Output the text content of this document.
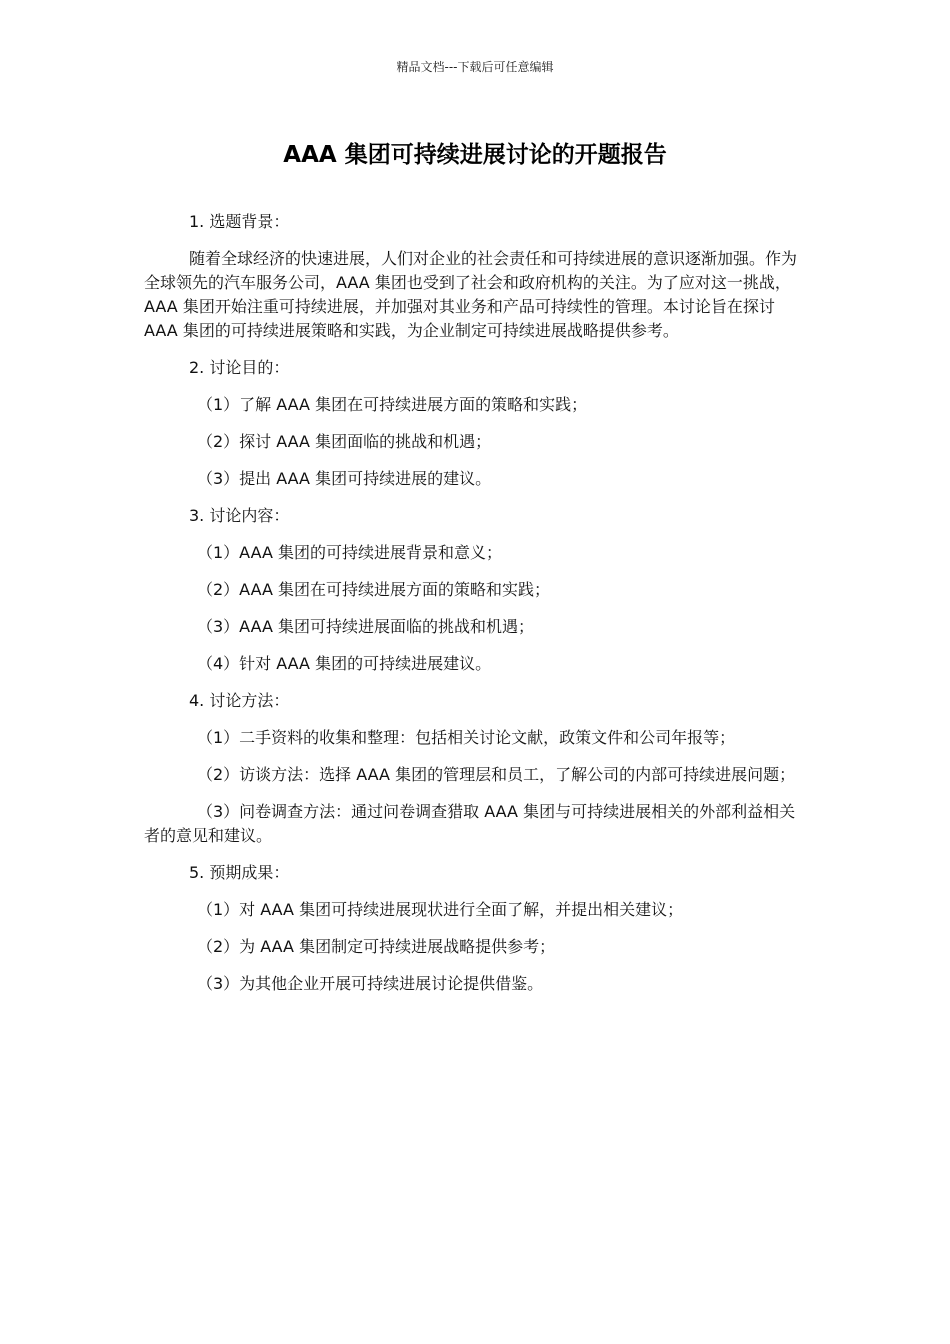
精品文档---下载后可任意编辑
AAA 集团可持续进展讨论的开题报告

1. 选题背景：

随着全球经济的快速进展，人们对企业的社会责任和可持续进展的意识逐渐加强。作为全球领先的汽车服务公司，AAA 集团也受到了社会和政府机构的关注。为了应对这一挑战，AAA 集团开始注重可持续进展，并加强对其业务和产品可持续性的管理。本讨论旨在探讨 AAA 集团的可持续进展策略和实践，为企业制定可持续进展战略提供参考。

2. 讨论目的：

（1）了解 AAA 集团在可持续进展方面的策略和实践；

（2）探讨 AAA 集团面临的挑战和机遇；

（3）提出 AAA 集团可持续进展的建议。

3. 讨论内容：

（1）AAA 集团的可持续进展背景和意义；

（2）AAA 集团在可持续进展方面的策略和实践；

（3）AAA 集团可持续进展面临的挑战和机遇；

（4）针对 AAA 集团的可持续进展建议。

4. 讨论方法：

（1）二手资料的收集和整理：包括相关讨论文献，政策文件和公司年报等；

（2）访谈方法：选择 AAA 集团的管理层和员工，了解公司的内部可持续进展问题；

（3）问卷调查方法：通过问卷调查猎取 AAA 集团与可持续进展相关的外部利益相关者的意见和建议。

5. 预期成果：

（1）对 AAA 集团可持续进展现状进行全面了解，并提出相关建议；

（2）为 AAA 集团制定可持续进展战略提供参考；

（3）为其他企业开展可持续进展讨论提供借鉴。
